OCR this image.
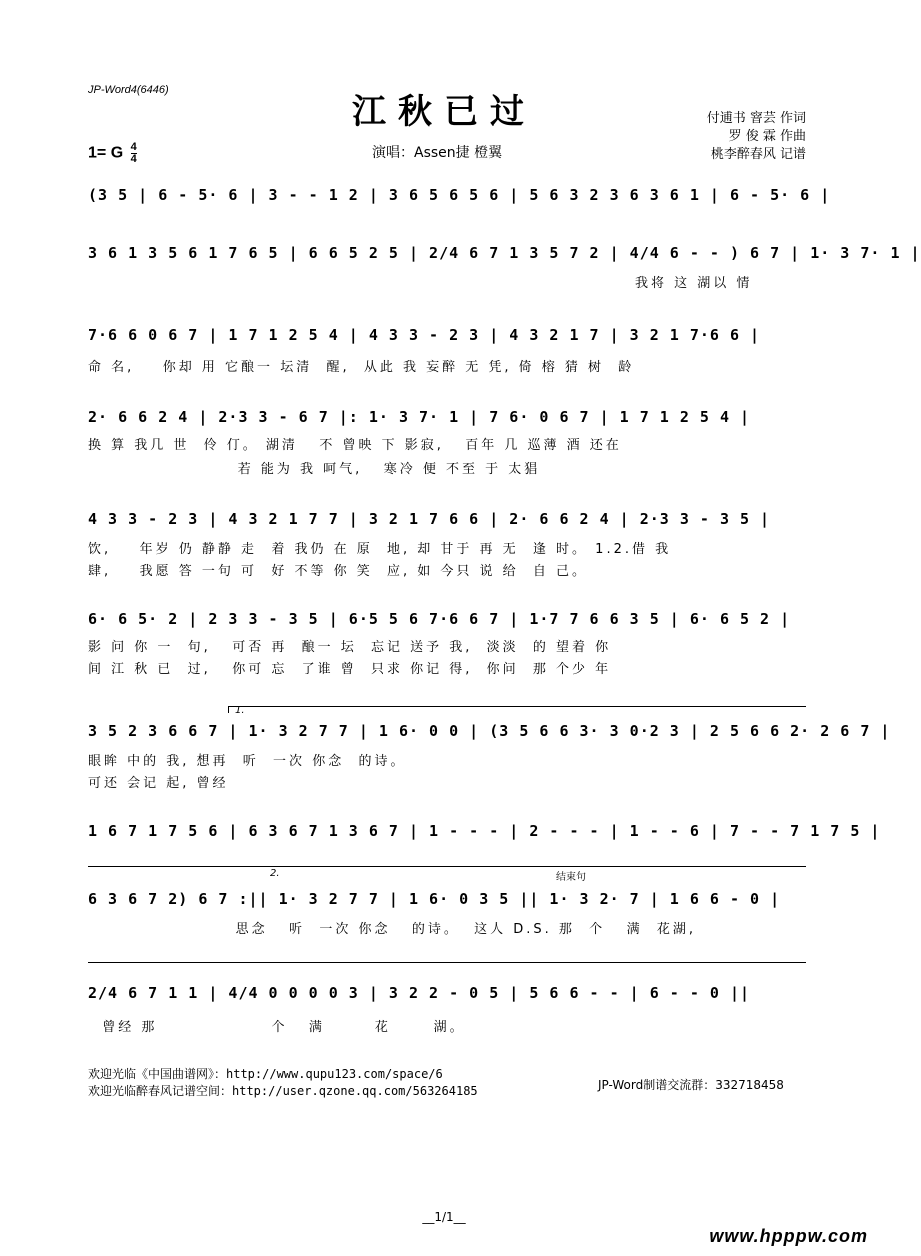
JP-Word4(6446)
江秋已过	付逋书 窨芸 作词
罗 俊 霖 作曲
桃李醉春风 记谱
1= G $\frac{4}{4}$	演唱：Assen捷 橙翼
(3 5 | 6 - 5· 6 | 3 - - 1 2 | 3 6 5 6 5 6 | 5 6 3 2 3 6 3 6 1 | 6 - 5· 6 |
3 6 1 3 5 6 1 7 6 5 | 6 6 5 2 5 | 2/4 6 7 1 3 5 7 2 | 4/4 6 - - ) 6 7 | 1· 3 7· 1 |
我将 这 湖以 情
7·6 6 0 6 7 | 1 7 1 2 5 4 | 4 3 3 - 2 3 | 4 3 2 1 7 | 3 2 1 7·6 6 |
命 名,    你却 用 它酿一 坛清  醒,  从此 我 妄醉 无 凭, 倚 榕 猜 树  龄
2· 6 6 2 4 | 2·3 3 - 6 7 |: 1· 3 7· 1 | 7 6· 0 6 7 | 1 7 1 2 5 4 |
换 算 我几 世  伶 仃。 湖清   不 曾映 下 影寂,   百年 几 巡薄 酒 还在
若 能为 我 呵气,   寒冷 便 不至 于 太猖
4 3 3 - 2 3 | 4 3 2 1 7 7 | 3 2 1 7 6 6 | 2· 6 6 2 4 | 2·3 3 - 3 5 |
饮,    年岁 仍 静静 走  着 我仍 在 原  地, 却 甘于 再 无  逢 时。 1.2.借 我
肆,    我愿 答 一句 可  好 不等 你 笑  应, 如 今只 说 给  自 己。
6· 6 5· 2 | 2 3 3 - 3 5 | 6·5 5 6 7·6 6 7 | 1·7 7 6 6 3 5 | 6· 6 5 2 |
影 问 你 一  句,   可否 再  酿一 坛  忘记 送予 我,  淡淡  的 望着 你
间 江 秋 已  过,   你可 忘  了谁 曾  只求 你记 得,  你问  那 个少 年
1.
3 5 2 3 6 6 7 | 1· 3 2 7 7 | 1 6· 0 0 | (3 5 6 6 3· 3 0·2 3 | 2 5 6 6 2· 2 6 7 |
眼眸 中的 我, 想再  听  一次 你念  的诗。
可还 会记 起, 曾经
1 6 7 1 7 5 6 | 6 3 6 7 1 3 6 7 | 1 - - - | 2 - - - | 1 - - 6 | 7 - - 7 1 7 5 |
2.	结束句
6 3 6 7 2) 6 7 :|| 1· 3 2 7 7 | 1 6· 0 3 5 || 1· 3 2· 7 | 1 6 6 - 0 |
思念   听  一次 你念   的诗。  这人 D.S. 那  个   满  花湖,
2/4 6 7 1 1 | 4/4 0 0 0 0 3 | 3 2 2 - 0 5 | 5 6 6 - - | 6 - - 0 ||
曾经 那                个   满       花      湖。
欢迎光临《中国曲谱网》：http://www.qupu123.com/space/6
欢迎光临醉春风记谱空间：http://user.qzone.qq.com/563264185	JP-Word制谱交流群：332718458
__1/1__
www.hpppw.com
